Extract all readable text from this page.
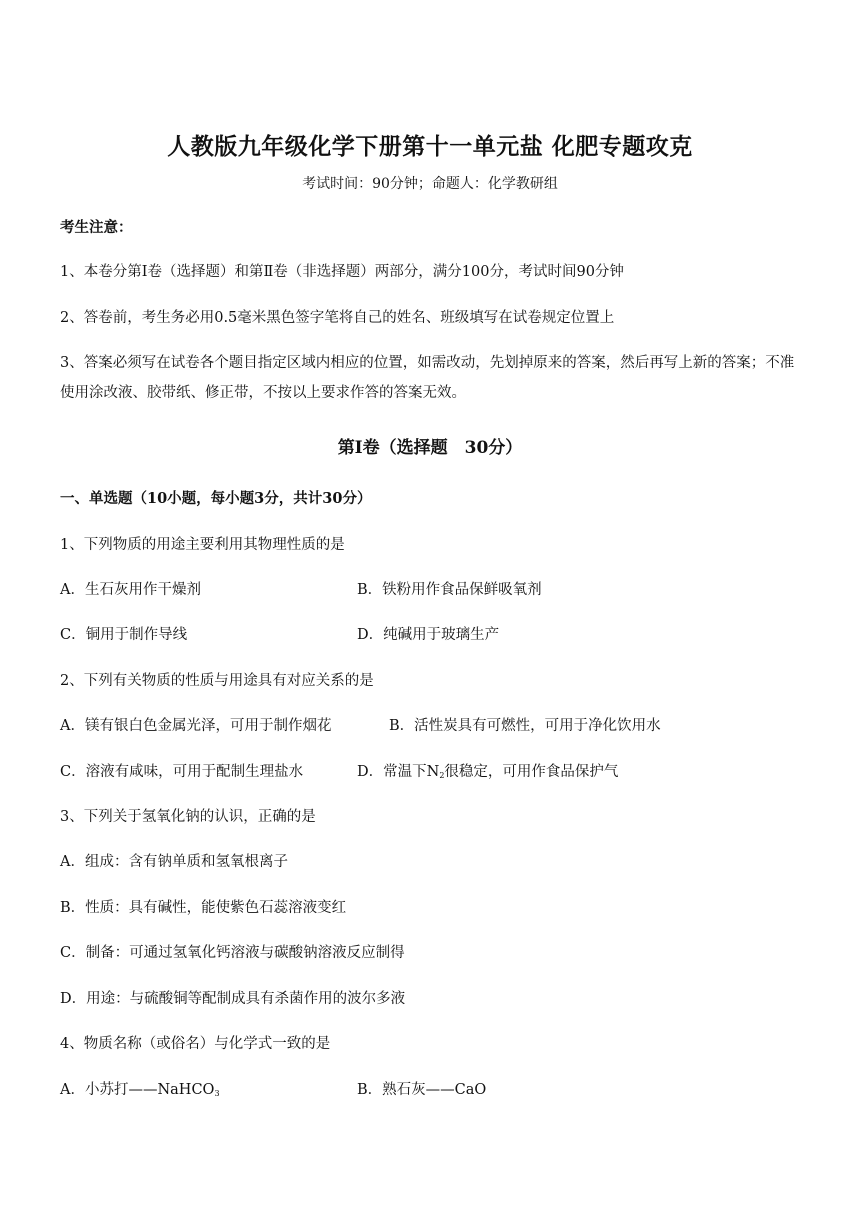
人教版九年级化学下册第十一单元盐 化肥专题攻克
考试时间：90分钟；命题人：化学教研组
考生注意：
1、本卷分第Ⅰ卷（选择题）和第Ⅱ卷（非选择题）两部分，满分100分，考试时间90分钟
2、答卷前，考生务必用0.5毫米黑色签字笔将自己的姓名、班级填写在试卷规定位置上
3、答案必须写在试卷各个题目指定区域内相应的位置，如需改动，先划掉原来的答案，然后再写上新的答案；不准使用涂改液、胶带纸、修正带，不按以上要求作答的答案无效。
第Ⅰ卷（选择题　30分）
一、单选题（10小题，每小题3分，共计30分）
1、下列物质的用途主要利用其物理性质的是
A．生石灰用作干燥剂	B．铁粉用作食品保鲜吸氧剂
C．铜用于制作导线	D．纯碱用于玻璃生产
2、下列有关物质的性质与用途具有对应关系的是
A．镁有银白色金属光泽，可用于制作烟花	B．活性炭具有可燃性，可用于净化饮用水
C．溶液有咸味，可用于配制生理盐水	D．常温下$N_2$很稳定，可用作食品保护气
3、下列关于氢氧化钠的认识，正确的是
A．组成：含有钠单质和氢氧根离子
B．性质：具有碱性，能使紫色石蕊溶液变红
C．制备：可通过氢氧化钙溶液与碳酸钠溶液反应制得
D．用途：与硫酸铜等配制成具有杀菌作用的波尔多液
4、物质名称（或俗名）与化学式一致的是
A．小苏打——NaHCO$_3$	B．熟石灰——CaO
